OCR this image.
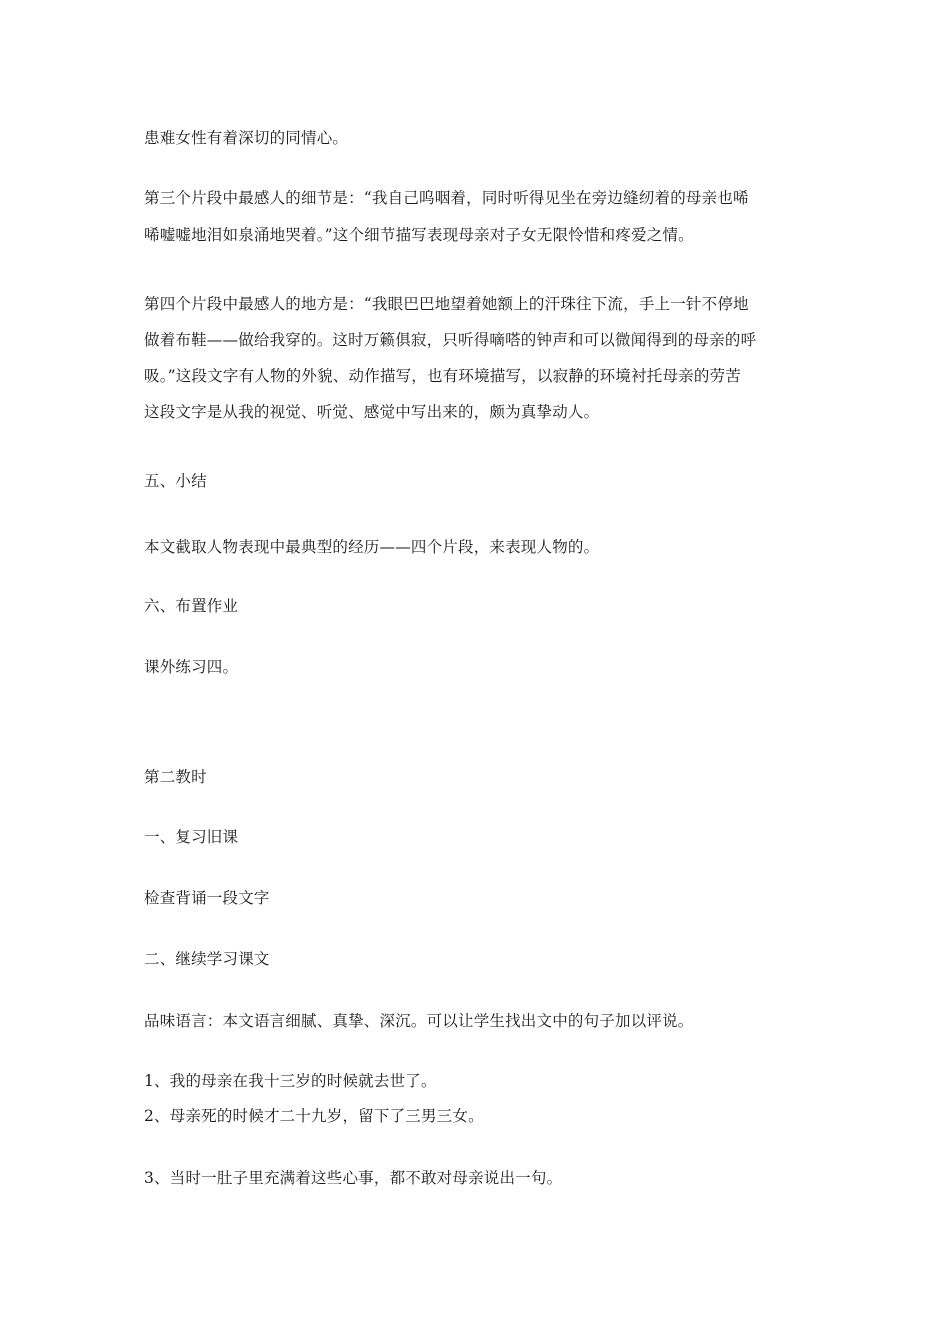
患难女性有着深切的同情心。
第三个片段中最感人的细节是：“我自己呜咽着，同时听得见坐在旁边缝纫着的母亲也唏
唏嘘嘘地泪如泉涌地哭着。”这个细节描写表现母亲对子女无限怜惜和疼爱之情。
第四个片段中最感人的地方是：“我眼巴巴地望着她额上的汗珠往下流，手上一针不停地
做着布鞋——做给我穿的。这时万籁俱寂，只听得嘀嗒的钟声和可以微闻得到的母亲的呼
吸。”这段文字有人物的外貌、动作描写，也有环境描写，以寂静的环境衬托母亲的劳苦
这段文字是从我的视觉、听觉、感觉中写出来的，颇为真挚动人。
五、小结
本文截取人物表现中最典型的经历——四个片段，来表现人物的。
六、布置作业
课外练习四。
第二教时
一、复习旧课
检查背诵一段文字
二、继续学习课文
品味语言：本文语言细腻、真挚、深沉。可以让学生找出文中的句子加以评说。
1、我的母亲在我十三岁的时候就去世了。
2、母亲死的时候才二十九岁，留下了三男三女。
3、当时一肚子里充满着这些心事，都不敢对母亲说出一句。
